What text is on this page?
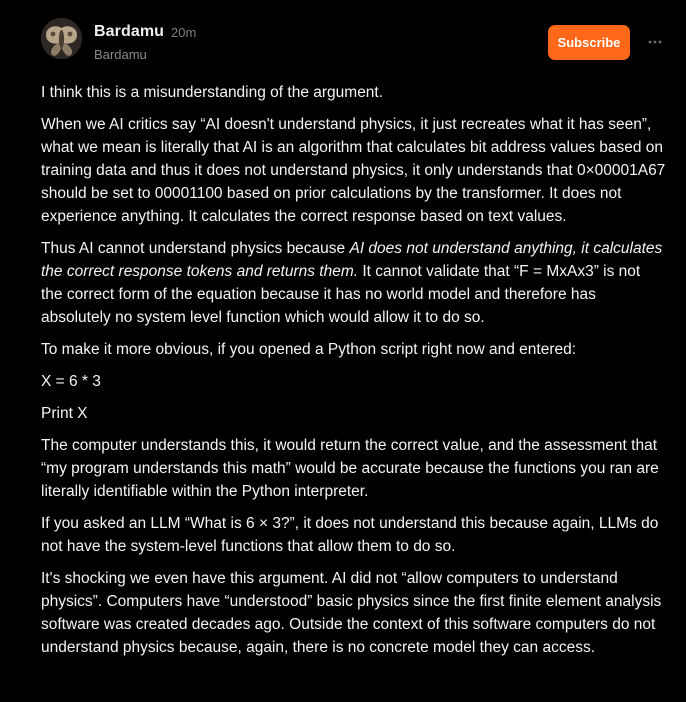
Bardamu 20m
Bardamu
Subscribe

I think this is a misunderstanding of the argument.

When we AI critics say “AI doesn't understand physics, it just recreates what it has seen”, what we mean is literally that AI is an algorithm that calculates bit address values based on training data and thus it does not understand physics, it only understands that 0×00001A67 should be set to 00001100 based on prior calculations by the transformer. It does not experience anything. It calculates the correct response based on text values.

Thus AI cannot understand physics because AI does not understand anything, it calculates the correct response tokens and returns them. It cannot validate that “F = MxAx3” is not the correct form of the equation because it has no world model and therefore has absolutely no system level function which would allow it to do so.

To make it more obvious, if you opened a Python script right now and entered:

X = 6 * 3

Print X

The computer understands this, it would return the correct value, and the assessment that “my program understands this math” would be accurate because the functions you ran are literally identifiable within the Python interpreter.

If you asked an LLM “What is 6 × 3?”, it does not understand this because again, LLMs do not have the system-level functions that allow them to do so.

It's shocking we even have this argument. AI did not “allow computers to understand physics”. Computers have “understood” basic physics since the first finite element analysis software was created decades ago. Outside the context of this software computers do not understand physics because, again, there is no concrete model they can access.
